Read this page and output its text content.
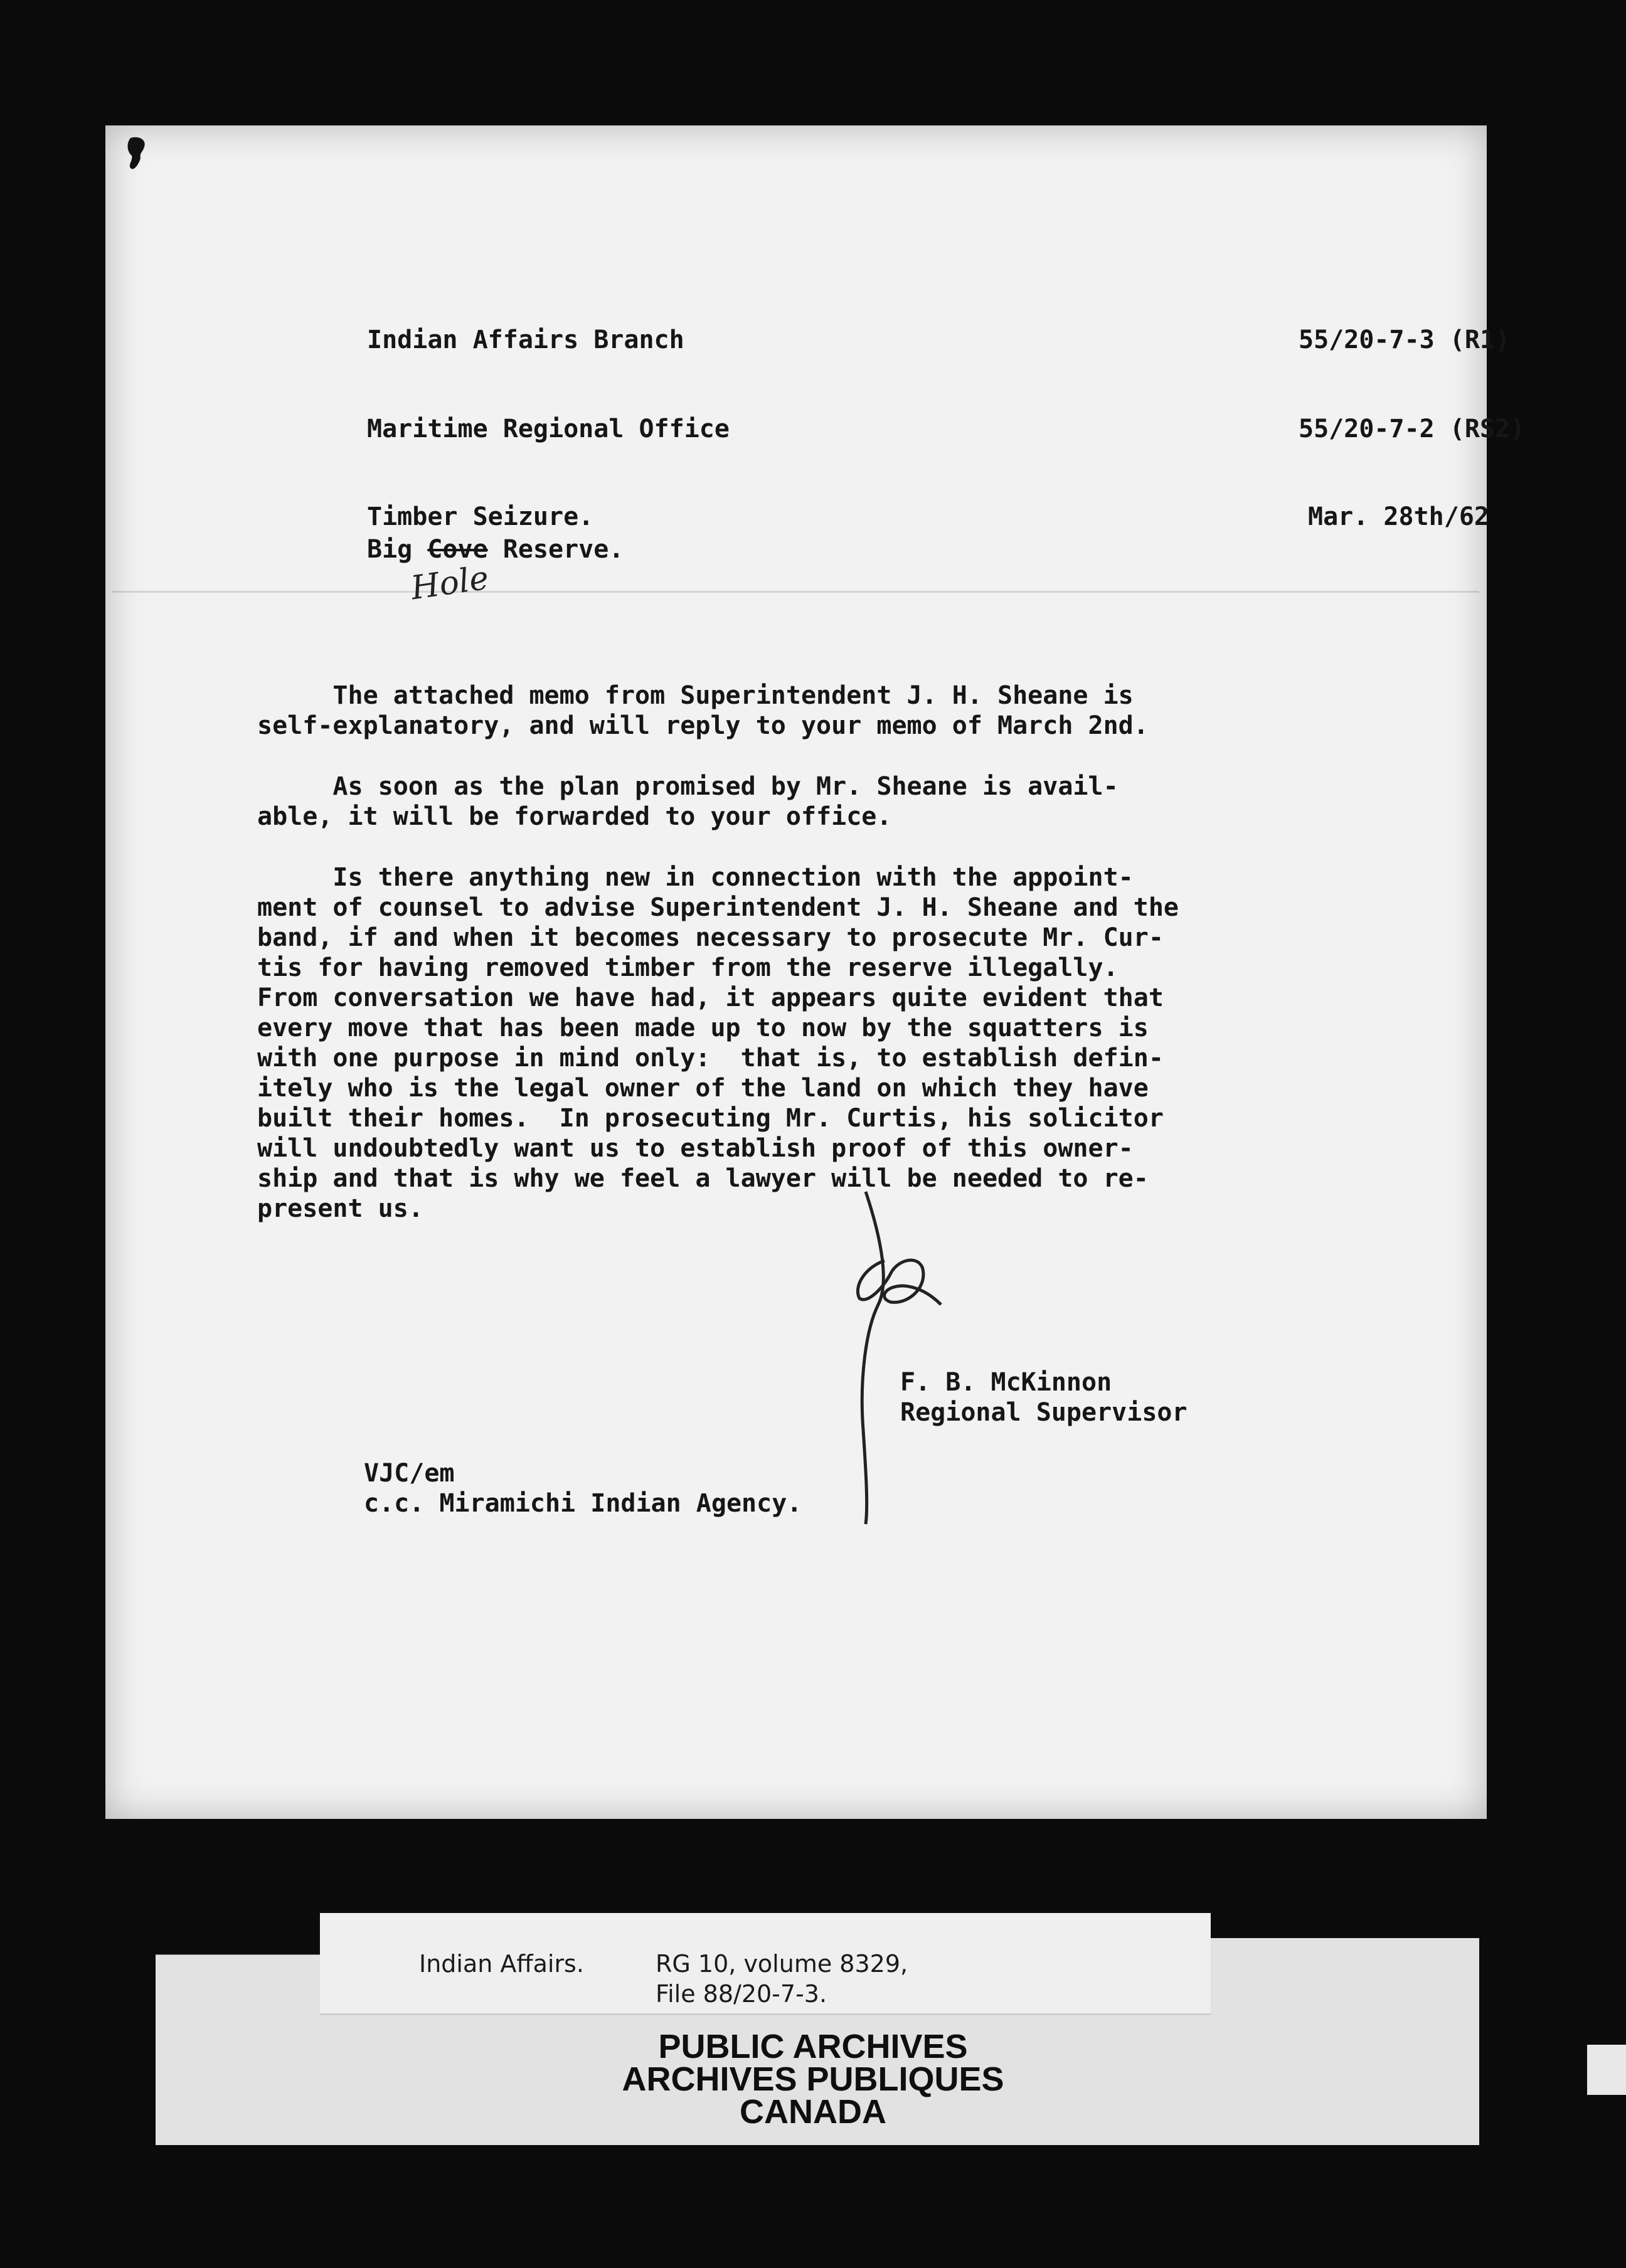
Indian Affairs Branch	55/20-7-3 (R1)
Maritime Regional Office	55/20-7-2 (RS2)
Timber Seizure.	Mar. 28th/62
Big Cove Reserve.
Hole
The attached memo from Superintendent J. H. Sheane is
self-explanatory, and will reply to your memo of March 2nd.
As soon as the plan promised by Mr. Sheane is avail-
able, it will be forwarded to your office.
Is there anything new in connection with the appoint-
ment of counsel to advise Superintendent J. H. Sheane and the
band, if and when it becomes necessary to prosecute Mr. Cur-
tis for having removed timber from the reserve illegally.
From conversation we have had, it appears quite evident that
every move that has been made up to now by the squatters is
with one purpose in mind only:  that is, to establish defin-
itely who is the legal owner of the land on which they have
built their homes.  In prosecuting Mr. Curtis, his solicitor
will undoubtedly want us to establish proof of this owner-
ship and that is why we feel a lawyer will be needed to re-
present us.
F. B. McKinnon
Regional Supervisor
VJC/em
c.c. Miramichi Indian Agency.
Indian Affairs.	RG 10, volume 8329,
File 88/20-7-3.
PUBLIC ARCHIVES
ARCHIVES PUBLIQUES
CANADA
